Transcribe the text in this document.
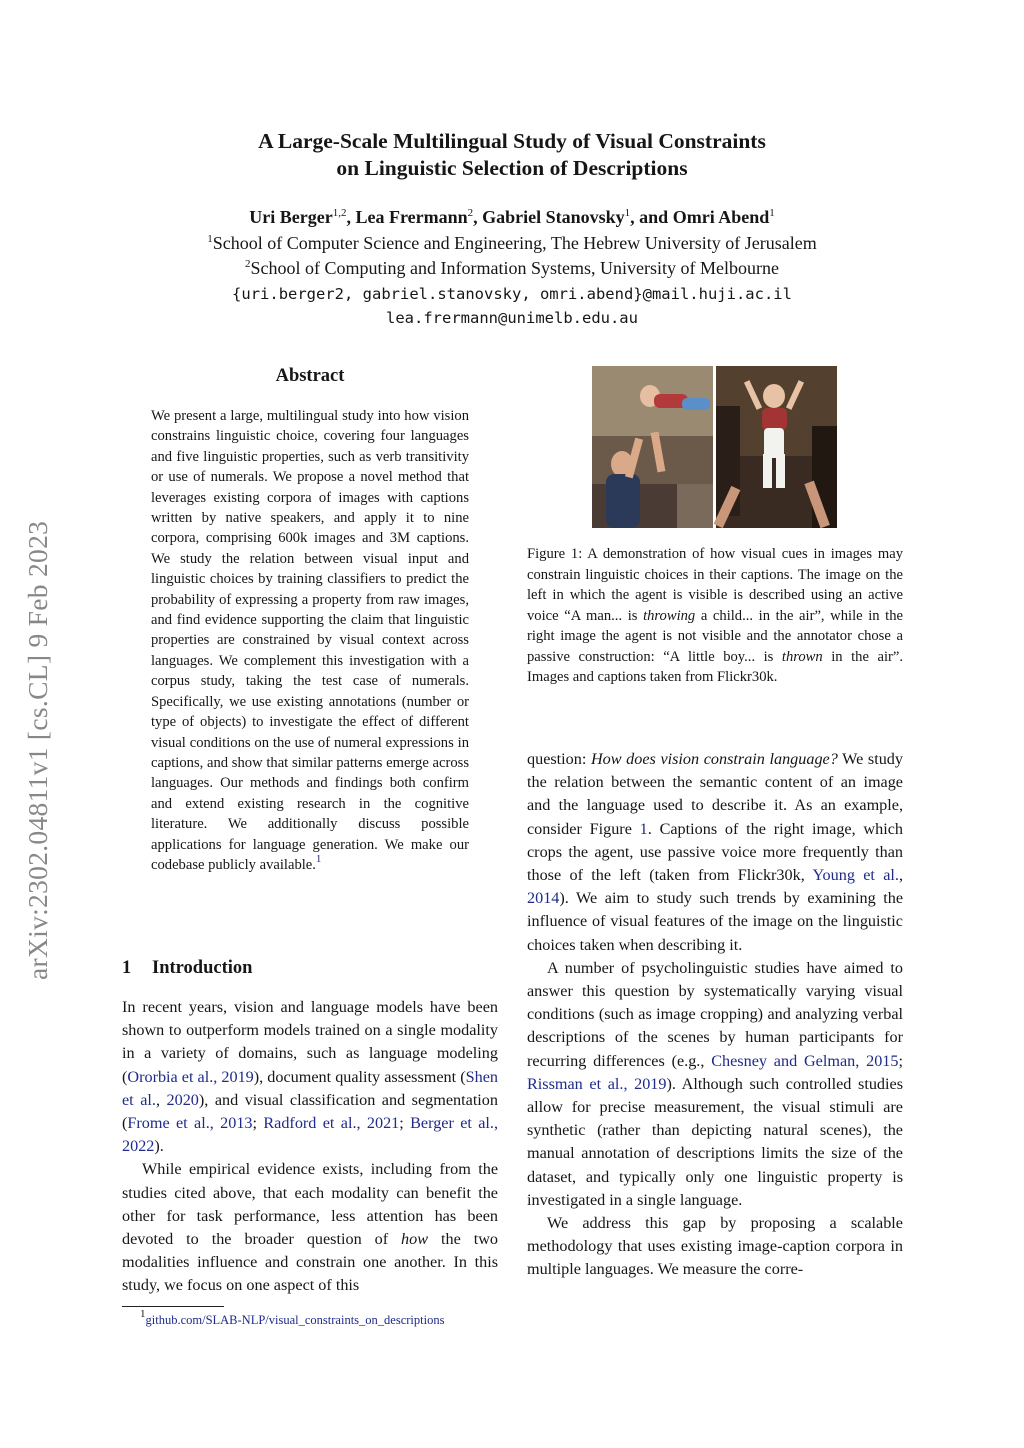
A Large-Scale Multilingual Study of Visual Constraints
on Linguistic Selection of Descriptions
Uri Berger$^{1,2}$, Lea Frermann$^2$, Gabriel Stanovsky$^1$, and Omri Abend$^1$
$^1$School of Computer Science and Engineering, The Hebrew University of Jerusalem
$^2$School of Computing and Information Systems, University of Melbourne
{uri.berger2, gabriel.stanovsky, omri.abend}@mail.huji.ac.il
lea.frermann@unimelb.edu.au
arXiv:2302.04811v1 [cs.CL] 9 Feb 2023
Abstract

We present a large, multilingual study into how vision constrains linguistic choice, covering four languages and five linguistic properties, such as verb transitivity or use of numerals. We propose a novel method that leverages existing corpora of images with captions written by native speakers, and apply it to nine corpora, comprising 600k images and 3M captions. We study the relation between visual input and linguistic choices by training classifiers to predict the probability of expressing a property from raw images, and find evidence supporting the claim that linguistic properties are constrained by visual context across languages. We complement this investigation with a corpus study, taking the test case of numerals. Specifically, we use existing annotations (number or type of objects) to investigate the effect of different visual conditions on the use of numeral expressions in captions, and show that similar patterns emerge across languages. Our methods and findings both confirm and extend existing research in the cognitive literature. We additionally discuss possible applications for language generation. We make our codebase publicly available.$^1$

1 Introduction

In recent years, vision and language models have been shown to outperform models trained on a single modality in a variety of domains, such as language modeling (Ororbia et al., 2019), document quality assessment (Shen et al., 2020), and visual classification and segmentation (Frome et al., 2013; Radford et al., 2021; Berger et al., 2022).

While empirical evidence exists, including from the studies cited above, that each modality can benefit the other for task performance, less attention has been devoted to the broader question of how the two modalities influence and constrain one another. In this study, we focus on one aspect of this

$^1$github.com/SLAB-NLP/visual_constraints_on_descriptions

Figure 1: A demonstration of how visual cues in images may constrain linguistic choices in their captions. The image on the left in which the agent is visible is described using an active voice “A man... is throwing a child... in the air”, while in the right image the agent is not visible and the annotator chose a passive construction: “A little boy... is thrown in the air”. Images and captions taken from Flickr30k.

question: How does vision constrain language? We study the relation between the semantic content of an image and the language used to describe it. As an example, consider Figure 1. Captions of the right image, which crops the agent, use passive voice more frequently than those of the left (taken from Flickr30k, Young et al., 2014). We aim to study such trends by examining the influence of visual features of the image on the linguistic choices taken when describing it.

A number of psycholinguistic studies have aimed to answer this question by systematically varying visual conditions (such as image cropping) and analyzing verbal descriptions of the scenes by human participants for recurring differences (e.g., Chesney and Gelman, 2015; Rissman et al., 2019). Although such controlled studies allow for precise measurement, the visual stimuli are synthetic (rather than depicting natural scenes), the manual annotation of descriptions limits the size of the dataset, and typically only one linguistic property is investigated in a single language.

We address this gap by proposing a scalable methodology that uses existing image-caption corpora in multiple languages. We measure the corre-
